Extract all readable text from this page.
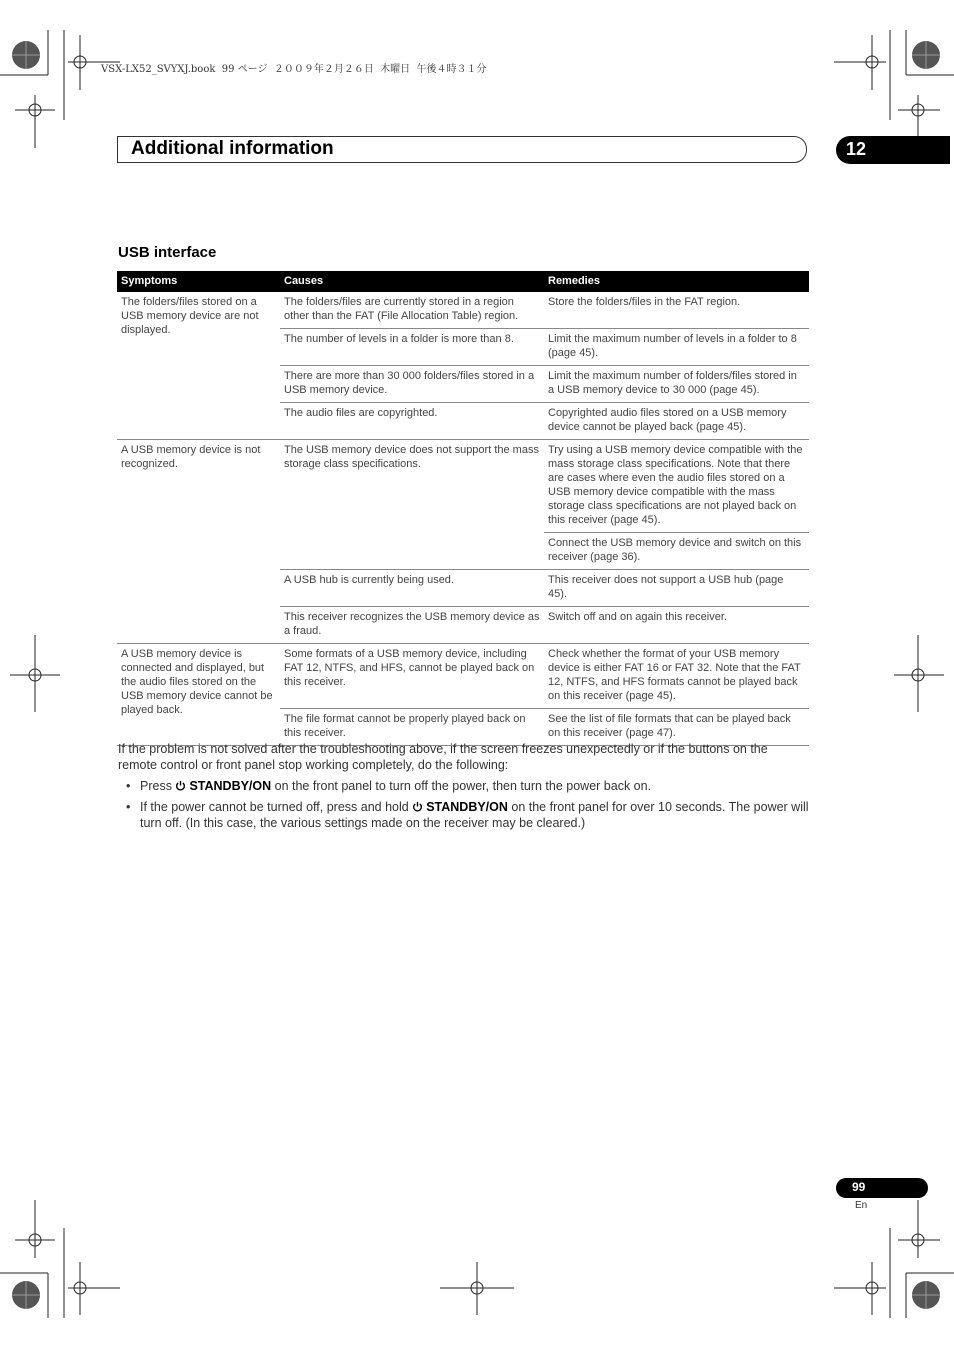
VSX-LX52_SVYXJ.book  99 ページ  ２００９年２月２６日  木曜日  午後４時３１分
Additional information	12
USB interface
Symptoms	Causes	Remedies
The folders/files stored on a USB memory device are not displayed.	The folders/files are currently stored in a region other than the FAT (File Allocation Table) region.	Store the folders/files in the FAT region.
	The number of levels in a folder is more than 8.	Limit the maximum number of levels in a folder to 8 (page 45).
	There are more than 30 000 folders/files stored in a USB memory device.	Limit the maximum number of folders/files stored in a USB memory device to 30 000 (page 45).
	The audio files are copyrighted.	Copyrighted audio files stored on a USB memory device cannot be played back (page 45).
A USB memory device is not recognized.	The USB memory device does not support the mass storage class specifications.	Try using a USB memory device compatible with the mass storage class specifications. Note that there are cases where even the audio files stored on a USB memory device compatible with the mass storage class specifications are not played back on this receiver (page 45).
		Connect the USB memory device and switch on this receiver (page 36).
	A USB hub is currently being used.	This receiver does not support a USB hub (page 45).
	This receiver recognizes the USB memory device as a fraud.	Switch off and on again this receiver.
A USB memory device is connected and displayed, but the audio files stored on the USB memory device cannot be played back.	Some formats of a USB memory device, including FAT 12, NTFS, and HFS, cannot be played back on this receiver.	Check whether the format of your USB memory device is either FAT 16 or FAT 32. Note that the FAT 12, NTFS, and HFS formats cannot be played back on this receiver (page 45).
	The file format cannot be properly played back on this receiver.	See the list of file formats that can be played back on this receiver (page 47).

If the problem is not solved after the troubleshooting above, if the screen freezes unexpectedly or if the buttons on the remote control or front panel stop working completely, do the following:

• Press STANDBY/ON on the front panel to turn off the power, then turn the power back on.
• If the power cannot be turned off, press and hold STANDBY/ON on the front panel for over 10 seconds. The power will turn off. (In this case, the various settings made on the receiver may be cleared.)
99
En
